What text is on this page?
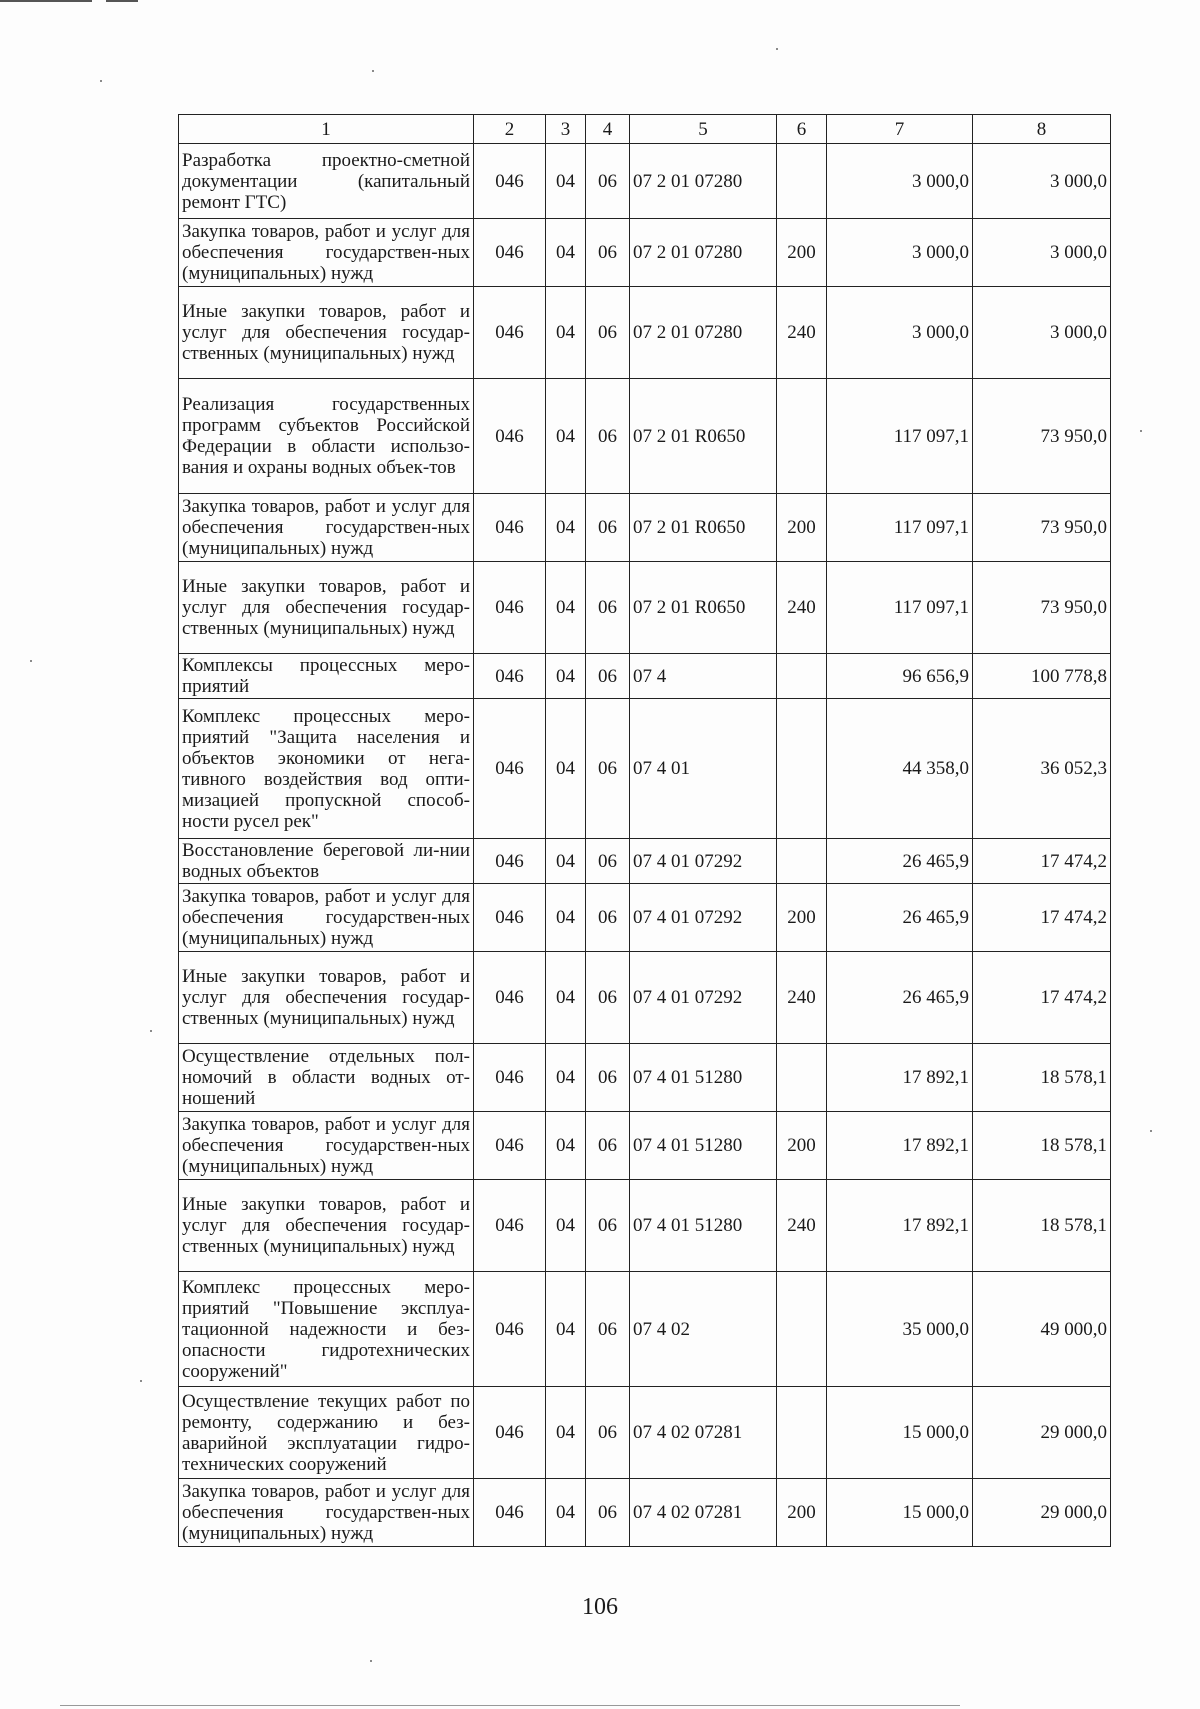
1	2	3	4	5	6	7	8
Разработка проектно-сметной документации (капитальный ремонт ГТС)	046	04	06	07 2 01 07280		3 000,0	3 000,0
Закупка товаров, работ и услуг для обеспечения государствен-ных (муниципальных) нужд	046	04	06	07 2 01 07280	200	3 000,0	3 000,0
Иные закупки товаров, работ и услуг для обеспечения государ-ственных (муниципальных) нужд	046	04	06	07 2 01 07280	240	3 000,0	3 000,0
Реализация государственных программ субъектов Российской Федерации в области использо-вания и охраны водных объек-тов	046	04	06	07 2 01 R0650		117 097,1	73 950,0
Закупка товаров, работ и услуг для обеспечения государствен-ных (муниципальных) нужд	046	04	06	07 2 01 R0650	200	117 097,1	73 950,0
Иные закупки товаров, работ и услуг для обеспечения государ-ственных (муниципальных) нужд	046	04	06	07 2 01 R0650	240	117 097,1	73 950,0
Комплексы процессных меро-приятий	046	04	06	07 4		96 656,9	100 778,8
Комплекс процессных меро-приятий "Защита населения и объектов экономики от нега-тивного воздействия вод опти-мизацией пропускной способ-ности русел рек"	046	04	06	07 4 01		44 358,0	36 052,3
Восстановление береговой ли-нии водных объектов	046	04	06	07 4 01 07292		26 465,9	17 474,2
Закупка товаров, работ и услуг для обеспечения государствен-ных (муниципальных) нужд	046	04	06	07 4 01 07292	200	26 465,9	17 474,2
Иные закупки товаров, работ и услуг для обеспечения государ-ственных (муниципальных) нужд	046	04	06	07 4 01 07292	240	26 465,9	17 474,2
Осуществление отдельных пол-номочий в области водных от-ношений	046	04	06	07 4 01 51280		17 892,1	18 578,1
Закупка товаров, работ и услуг для обеспечения государствен-ных (муниципальных) нужд	046	04	06	07 4 01 51280	200	17 892,1	18 578,1
Иные закупки товаров, работ и услуг для обеспечения государ-ственных (муниципальных) нужд	046	04	06	07 4 01 51280	240	17 892,1	18 578,1
Комплекс процессных меро-приятий "Повышение эксплуа-тационной надежности и без-опасности гидротехнических сооружений"	046	04	06	07 4 02		35 000,0	49 000,0
Осуществление текущих работ по ремонту, содержанию и без-аварийной эксплуатации гидро-технических сооружений	046	04	06	07 4 02 07281		15 000,0	29 000,0
Закупка товаров, работ и услуг для обеспечения государствен-ных (муниципальных) нужд	046	04	06	07 4 02 07281	200	15 000,0	29 000,0
106
